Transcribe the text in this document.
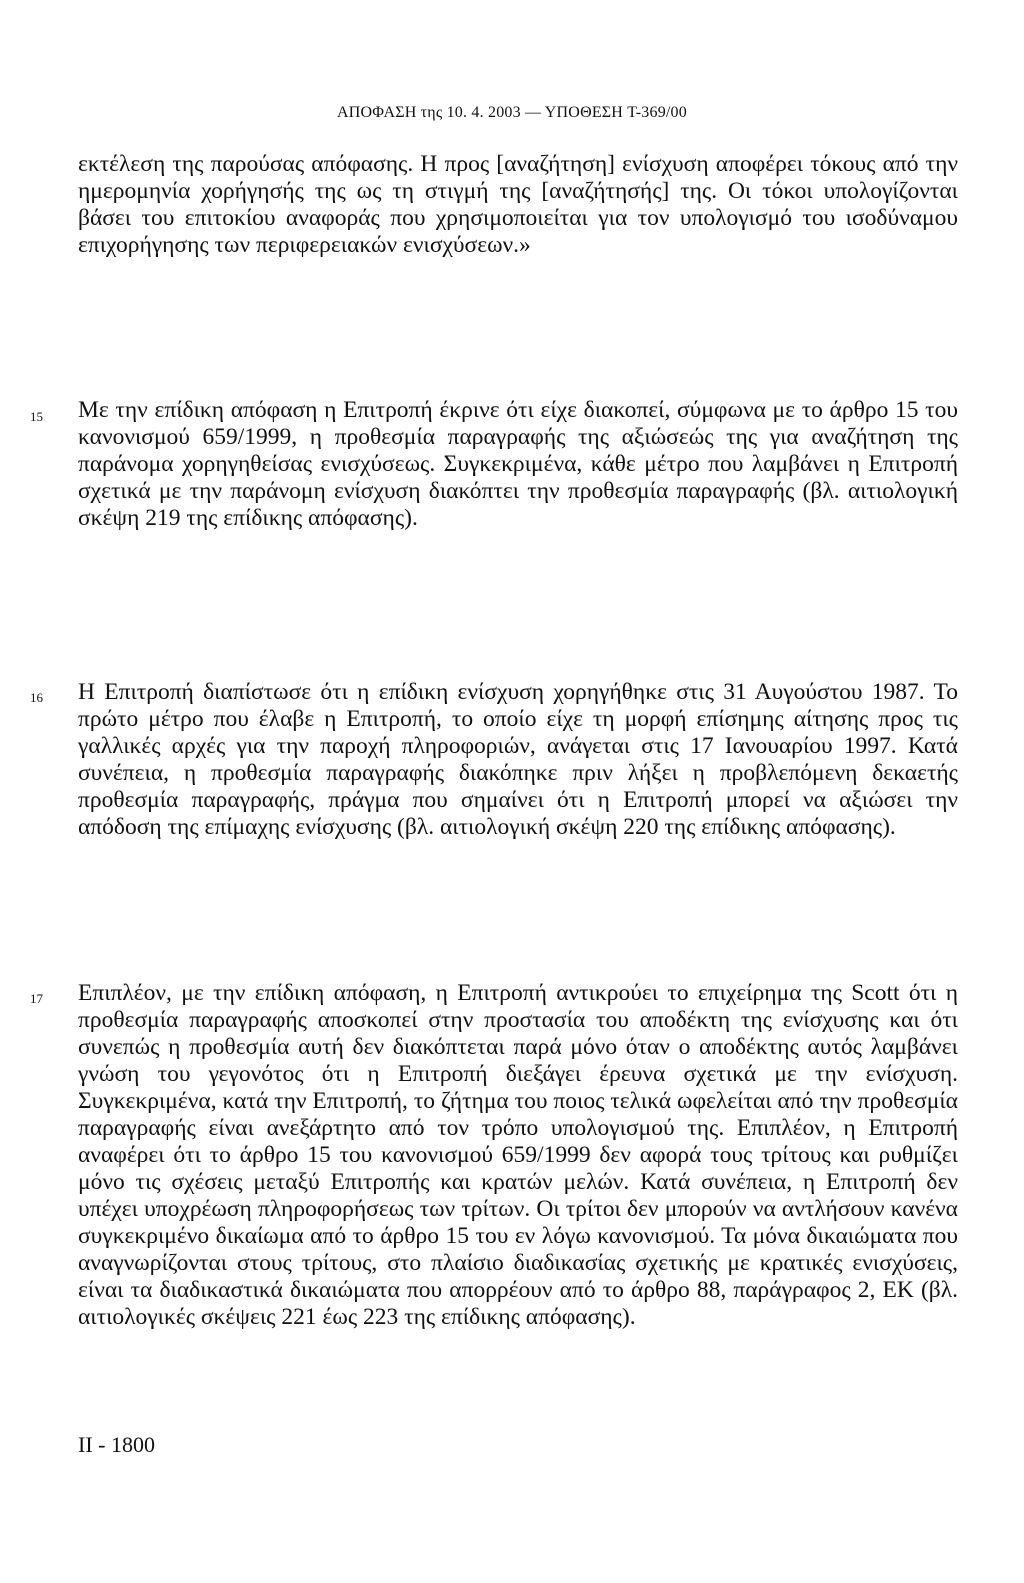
ΑΠΟΦΑΣΗ της 10. 4. 2003 — ΥΠΟΘΕΣΗ T-369/00

εκτέλεση της παρούσας απόφασης. Η προς [αναζήτηση] ενίσχυση αποφέρει τόκους από την ημερομηνία χορήγησής της ως τη στιγμή της [αναζήτησής] της. Οι τόκοι υπολογίζονται βάσει του επιτοκίου αναφοράς που χρησιμοποιείται για τον υπολογισμό του ισοδύναμου επιχορήγησης των περιφερειακών ενισχύσεων.»

15 Με την επίδικη απόφαση η Επιτροπή έκρινε ότι είχε διακοπεί, σύμφωνα με το άρθρο 15 του κανονισμού 659/1999, η προθεσμία παραγραφής της αξιώσεώς της για αναζήτηση της παράνομα χορηγηθείσας ενισχύσεως. Συγκεκριμένα, κάθε μέτρο που λαμβάνει η Επιτροπή σχετικά με την παράνομη ενίσχυση διακόπτει την προθεσμία παραγραφής (βλ. αιτιολογική σκέψη 219 της επίδικης απόφασης).

16 Η Επιτροπή διαπίστωσε ότι η επίδικη ενίσχυση χορηγήθηκε στις 31 Αυγούστου 1987. Το πρώτο μέτρο που έλαβε η Επιτροπή, το οποίο είχε τη μορφή επίσημης αίτησης προς τις γαλλικές αρχές για την παροχή πληροφοριών, ανάγεται στις 17 Ιανουαρίου 1997. Κατά συνέπεια, η προθεσμία παραγραφής διακόπηκε πριν λήξει η προβλεπόμενη δεκαετής προθεσμία παραγραφής, πράγμα που σημαίνει ότι η Επιτροπή μπορεί να αξιώσει την απόδοση της επίμαχης ενίσχυσης (βλ. αιτιολογική σκέψη 220 της επίδικης απόφασης).

17 Επιπλέον, με την επίδικη απόφαση, η Επιτροπή αντικρούει το επιχείρημα της Scott ότι η προθεσμία παραγραφής αποσκοπεί στην προστασία του αποδέκτη της ενίσχυσης και ότι συνεπώς η προθεσμία αυτή δεν διακόπτεται παρά μόνο όταν ο αποδέκτης αυτός λαμβάνει γνώση του γεγονότος ότι η Επιτροπή διεξάγει έρευνα σχετικά με την ενίσχυση. Συγκεκριμένα, κατά την Επιτροπή, το ζήτημα του ποιος τελικά ωφελείται από την προθεσμία παραγραφής είναι ανεξάρτητο από τον τρόπο υπολογισμού της. Επιπλέον, η Επιτροπή αναφέρει ότι το άρθρο 15 του κανονισμού 659/1999 δεν αφορά τους τρίτους και ρυθμίζει μόνο τις σχέσεις μεταξύ Επιτροπής και κρατών μελών. Κατά συνέπεια, η Επιτροπή δεν υπέχει υποχρέωση πληροφορήσεως των τρίτων. Οι τρίτοι δεν μπορούν να αντλήσουν κανένα συγκεκριμένο δικαίωμα από το άρθρο 15 του εν λόγω κανονισμού. Τα μόνα δικαιώματα που αναγνωρίζονται στους τρίτους, στο πλαίσιο διαδικασίας σχετικής με κρατικές ενισχύσεις, είναι τα διαδικαστικά δικαιώματα που απορρέουν από το άρθρο 88, παράγραφος 2, ΕΚ (βλ. αιτιολογικές σκέψεις 221 έως 223 της επίδικης απόφασης).

II - 1800
